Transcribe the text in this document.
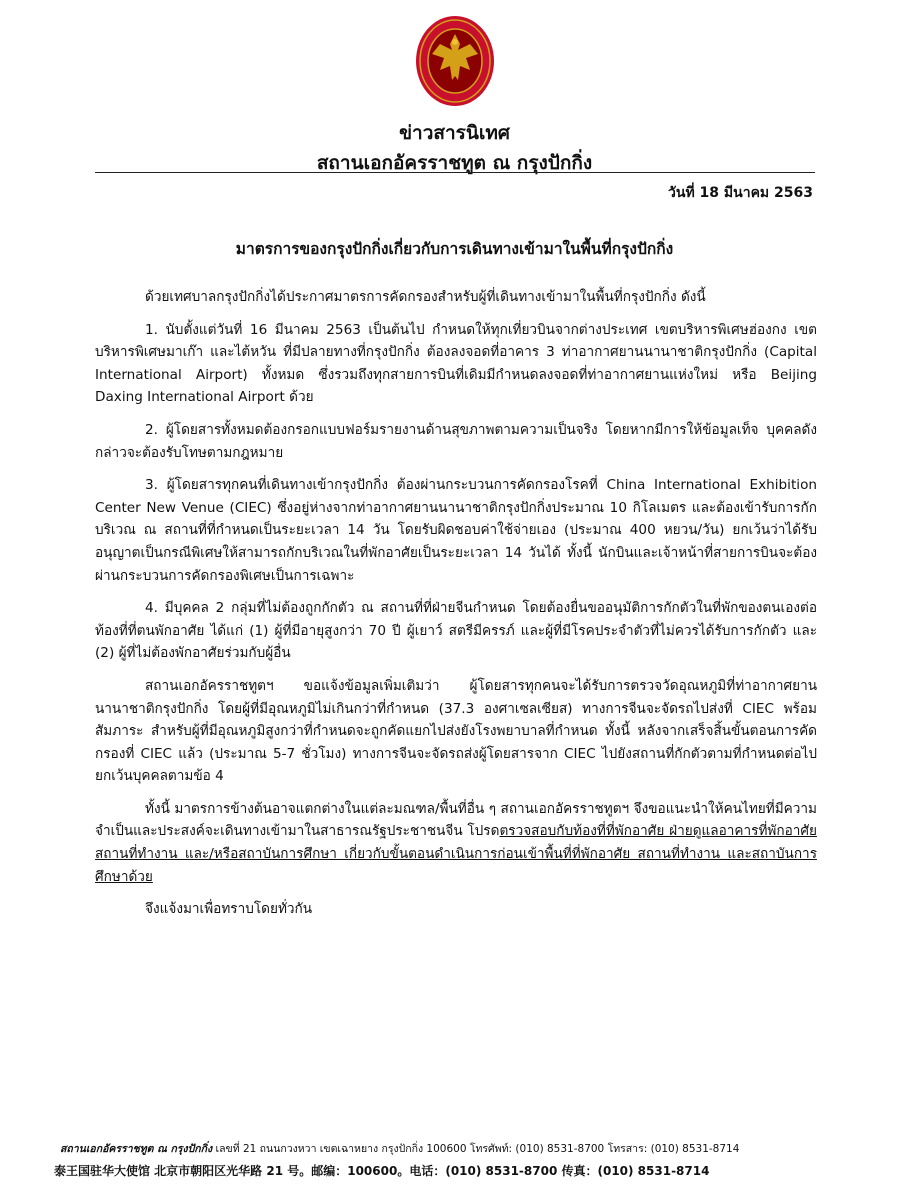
ข่าวสารนิเทศ
สถานเอกอัครราชทูต ณ กรุงปักกิ่ง
วันที่ 18 มีนาคม 2563
มาตรการของกรุงปักกิ่งเกี่ยวกับการเดินทางเข้ามาในพื้นที่กรุงปักกิ่ง

ด้วยเทศบาลกรุงปักกิ่งได้ประกาศมาตรการคัดกรองสำหรับผู้ที่เดินทางเข้ามาในพื้นที่กรุงปักกิ่ง ดังนี้

1. นับตั้งแต่วันที่ 16 มีนาคม 2563 เป็นต้นไป กำหนดให้ทุกเที่ยวบินจากต่างประเทศ เขตบริหารพิเศษฮ่องกง เขตบริหารพิเศษมาเก๊า และไต้หวัน ที่มีปลายทางที่กรุงปักกิ่ง ต้องลงจอดที่อาคาร 3 ท่าอากาศยานนานาชาติกรุงปักกิ่ง (Capital International Airport) ทั้งหมด ซึ่งรวมถึงทุกสายการบินที่เดิมมีกำหนดลงจอดที่ท่าอากาศยานแห่งใหม่ หรือ Beijing Daxing International Airport ด้วย

2. ผู้โดยสารทั้งหมดต้องกรอกแบบฟอร์มรายงานด้านสุขภาพตามความเป็นจริง โดยหากมีการให้ข้อมูลเท็จ บุคคลดังกล่าวจะต้องรับโทษตามกฎหมาย

3. ผู้โดยสารทุกคนที่เดินทางเข้ากรุงปักกิ่ง ต้องผ่านกระบวนการคัดกรองโรคที่ China International Exhibition Center New Venue (CIEC) ซึ่งอยู่ห่างจากท่าอากาศยานนานาชาติกรุงปักกิ่งประมาณ 10 กิโลเมตร และต้องเข้ารับการกักบริเวณ ณ สถานที่ที่กำหนดเป็นระยะเวลา 14 วัน โดยรับผิดชอบค่าใช้จ่ายเอง (ประมาณ 400 หยวน/วัน) ยกเว้นว่าได้รับอนุญาตเป็นกรณีพิเศษให้สามารถกักบริเวณในที่พักอาศัยเป็นระยะเวลา 14 วันได้ ทั้งนี้ นักบินและเจ้าหน้าที่สายการบินจะต้องผ่านกระบวนการคัดกรองพิเศษเป็นการเฉพาะ

4. มีบุคคล 2 กลุ่มที่ไม่ต้องถูกกักตัว ณ สถานที่ที่ฝ่ายจีนกำหนด โดยต้องยื่นขออนุมัติการกักตัวในที่พักของตนเองต่อท้องที่ที่ตนพักอาศัย ได้แก่ (1) ผู้ที่มีอายุสูงกว่า 70 ปี ผู้เยาว์ สตรีมีครรภ์ และผู้ที่มีโรคประจำตัวที่ไม่ควรได้รับการกักตัว และ (2) ผู้ที่ไม่ต้องพักอาศัยร่วมกับผู้อื่น

สถานเอกอัครราชทูตฯ ขอแจ้งข้อมูลเพิ่มเติมว่า ผู้โดยสารทุกคนจะได้รับการตรวจวัดอุณหภูมิที่ท่าอากาศยานนานาชาติกรุงปักกิ่ง โดยผู้ที่มีอุณหภูมิไม่เกินกว่าที่กำหนด (37.3 องศาเซลเซียส) ทางการจีนจะจัดรถไปส่งที่ CIEC พร้อมสัมภาระ สำหรับผู้ที่มีอุณหภูมิสูงกว่าที่กำหนดจะถูกคัดแยกไปส่งยังโรงพยาบาลที่กำหนด ทั้งนี้ หลังจากเสร็จสิ้นขั้นตอนการคัดกรองที่ CIEC แล้ว (ประมาณ 5-7 ชั่วโมง) ทางการจีนจะจัดรถส่งผู้โดยสารจาก CIEC ไปยังสถานที่กักตัวตามที่กำหนดต่อไป ยกเว้นบุคคลตามข้อ 4

ทั้งนี้ มาตรการข้างต้นอาจแตกต่างในแต่ละมณฑล/พื้นที่อื่น ๆ สถานเอกอัครราชทูตฯ จึงขอแนะนำให้คนไทยที่มีความจำเป็นและประสงค์จะเดินทางเข้ามาในสาธารณรัฐประชาชนจีน โปรดตรวจสอบกับท้องที่ที่พักอาศัย ฝ่ายดูแลอาคารที่พักอาศัย สถานที่ทำงาน และ/หรือสถาบันการศึกษา เกี่ยวกับขั้นตอนดำเนินการก่อนเข้าพื้นที่ที่พักอาศัย สถานที่ทำงาน และสถาบันการศึกษาด้วย

จึงแจ้งมาเพื่อทราบโดยทั่วกัน

สถานเอกอัครราชทูต ณ กรุงปักกิ่ง เลขที่ 21 ถนนกวงหวา เขตเฉาหยาง กรุงปักกิ่ง 100600 โทรศัพท์: (010) 8531-8700 โทรสาร: (010) 8531-8714
泰王国驻华大使馆 北京市朝阳区光华路 21 号。邮编：100600。电话：(010) 8531-8700 传真：(010) 8531-8714
